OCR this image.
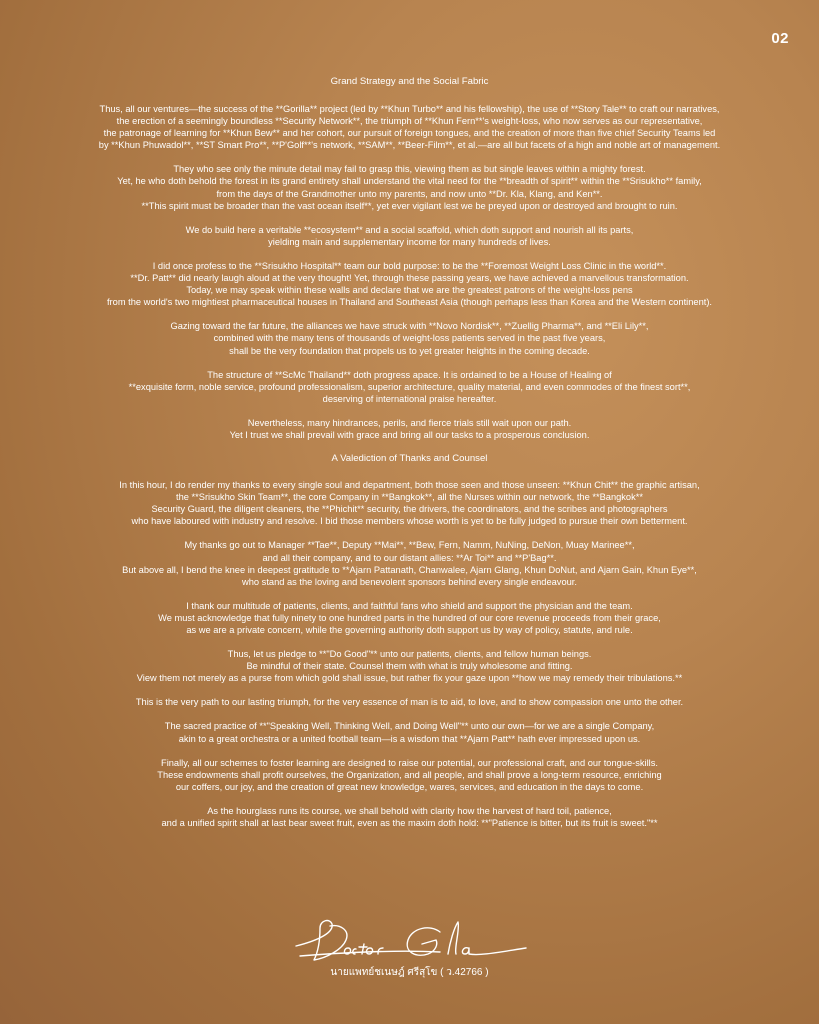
02
Grand Strategy and the Social Fabric

Thus, all our ventures—the success of the **Gorilla** project (led by **Khun Turbo** and his fellowship), the use of **Story Tale** to craft our narratives,
the erection of a seemingly boundless **Security Network**, the triumph of **Khun Fern**'s weight-loss, who now serves as our representative,
the patronage of learning for **Khun Bew** and her cohort, our pursuit of foreign tongues, and the creation of more than five chief Security Teams led
by **Khun Phuwadol**, **ST Smart Pro**, **P'Golf**'s network, **SAM**, **Beer-Film**, et al.—are all but facets of a high and noble art of management.

They who see only the minute detail may fail to grasp this, viewing them as but single leaves within a mighty forest.
Yet, he who doth behold the forest in its grand entirety shall understand the vital need for the **breadth of spirit** within the **Srisukho** family,
from the days of the Grandmother unto my parents, and now unto **Dr. Kla, Klang, and Ken**.
**This spirit must be broader than the vast ocean itself**, yet ever vigilant lest we be preyed upon or destroyed and brought to ruin.

We do build here a veritable **ecosystem** and a social scaffold, which doth support and nourish all its parts,
yielding main and supplementary income for many hundreds of lives.

I did once profess to the **Srisukho Hospital** team our bold purpose: to be the **Foremost Weight Loss Clinic in the world**.
**Dr. Patt** did nearly laugh aloud at the very thought! Yet, through these passing years, we have achieved a marvellous transformation.
Today, we may speak within these walls and declare that we are the greatest patrons of the weight-loss pens
from the world's two mightiest pharmaceutical houses in Thailand and Southeast Asia (though perhaps less than Korea and the Western continent).

Gazing toward the far future, the alliances we have struck with **Novo Nordisk**, **Zuellig Pharma**, and **Eli Lily**,
combined with the many tens of thousands of weight-loss patients served in the past five years,
shall be the very foundation that propels us to yet greater heights in the coming decade.

The structure of **ScMc Thailand** doth progress apace. It is ordained to be a House of Healing of
**exquisite form, noble service, profound professionalism, superior architecture, quality material, and even commodes of the finest sort**,
deserving of international praise hereafter.

Nevertheless, many hindrances, perils, and fierce trials still wait upon our path.
Yet I trust we shall prevail with grace and bring all our tasks to a prosperous conclusion.

A Valediction of Thanks and Counsel

In this hour, I do render my thanks to every single soul and department, both those seen and those unseen: **Khun Chit** the graphic artisan,
the **Srisukho Skin Team**, the core Company in **Bangkok**, all the Nurses within our network, the **Bangkok**
Security Guard, the diligent cleaners, the **Phichit** security, the drivers, the coordinators, and the scribes and photographers
who have laboured with industry and resolve. I bid those members whose worth is yet to be fully judged to pursue their own betterment.

My thanks go out to Manager **Tae**, Deputy **Mai**, **Bew, Fern, Namm, NuNing, DeNon, Muay Marinee**,
and all their company, and to our distant allies: **Ar Toi** and **P'Bag**.
But above all, I bend the knee in deepest gratitude to **Ajarn Pattanath, Chanwalee, Ajarn Glang, Khun DoNut, and Ajarn Gain, Khun Eye**,
who stand as the loving and benevolent sponsors behind every single endeavour.

I thank our multitude of patients, clients, and faithful fans who shield and support the physician and the team.
We must acknowledge that fully ninety to one hundred parts in the hundred of our core revenue proceeds from their grace,
as we are a private concern, while the governing authority doth support us by way of policy, statute, and rule.

Thus, let us pledge to **"Do Good"** unto our patients, clients, and fellow human beings.
Be mindful of their state. Counsel them with what is truly wholesome and fitting.
View them not merely as a purse from which gold shall issue, but rather fix your gaze upon **how we may remedy their tribulations.**

This is the very path to our lasting triumph, for the very essence of man is to aid, to love, and to show compassion one unto the other.

The sacred practice of **"Speaking Well, Thinking Well, and Doing Well"** unto our own—for we are a single Company,
akin to a great orchestra or a united football team—is a wisdom that **Ajarn Patt** hath ever impressed upon us.

Finally, all our schemes to foster learning are designed to raise our potential, our professional craft, and our tongue-skills.
These endowments shall profit ourselves, the Organization, and all people, and shall prove a long-term resource, enriching
our coffers, our joy, and the creation of great new knowledge, wares, services, and education in the days to come.

As the hourglass runs its course, we shall behold with clarity how the harvest of hard toil, patience,
and a unified spirit shall at last bear sweet fruit, even as the maxim doth hold: **"Patience is bitter, but its fruit is sweet."**

นายแพทย์ชเนษฎ์ ศรีสุโข ( ว.42766 )
